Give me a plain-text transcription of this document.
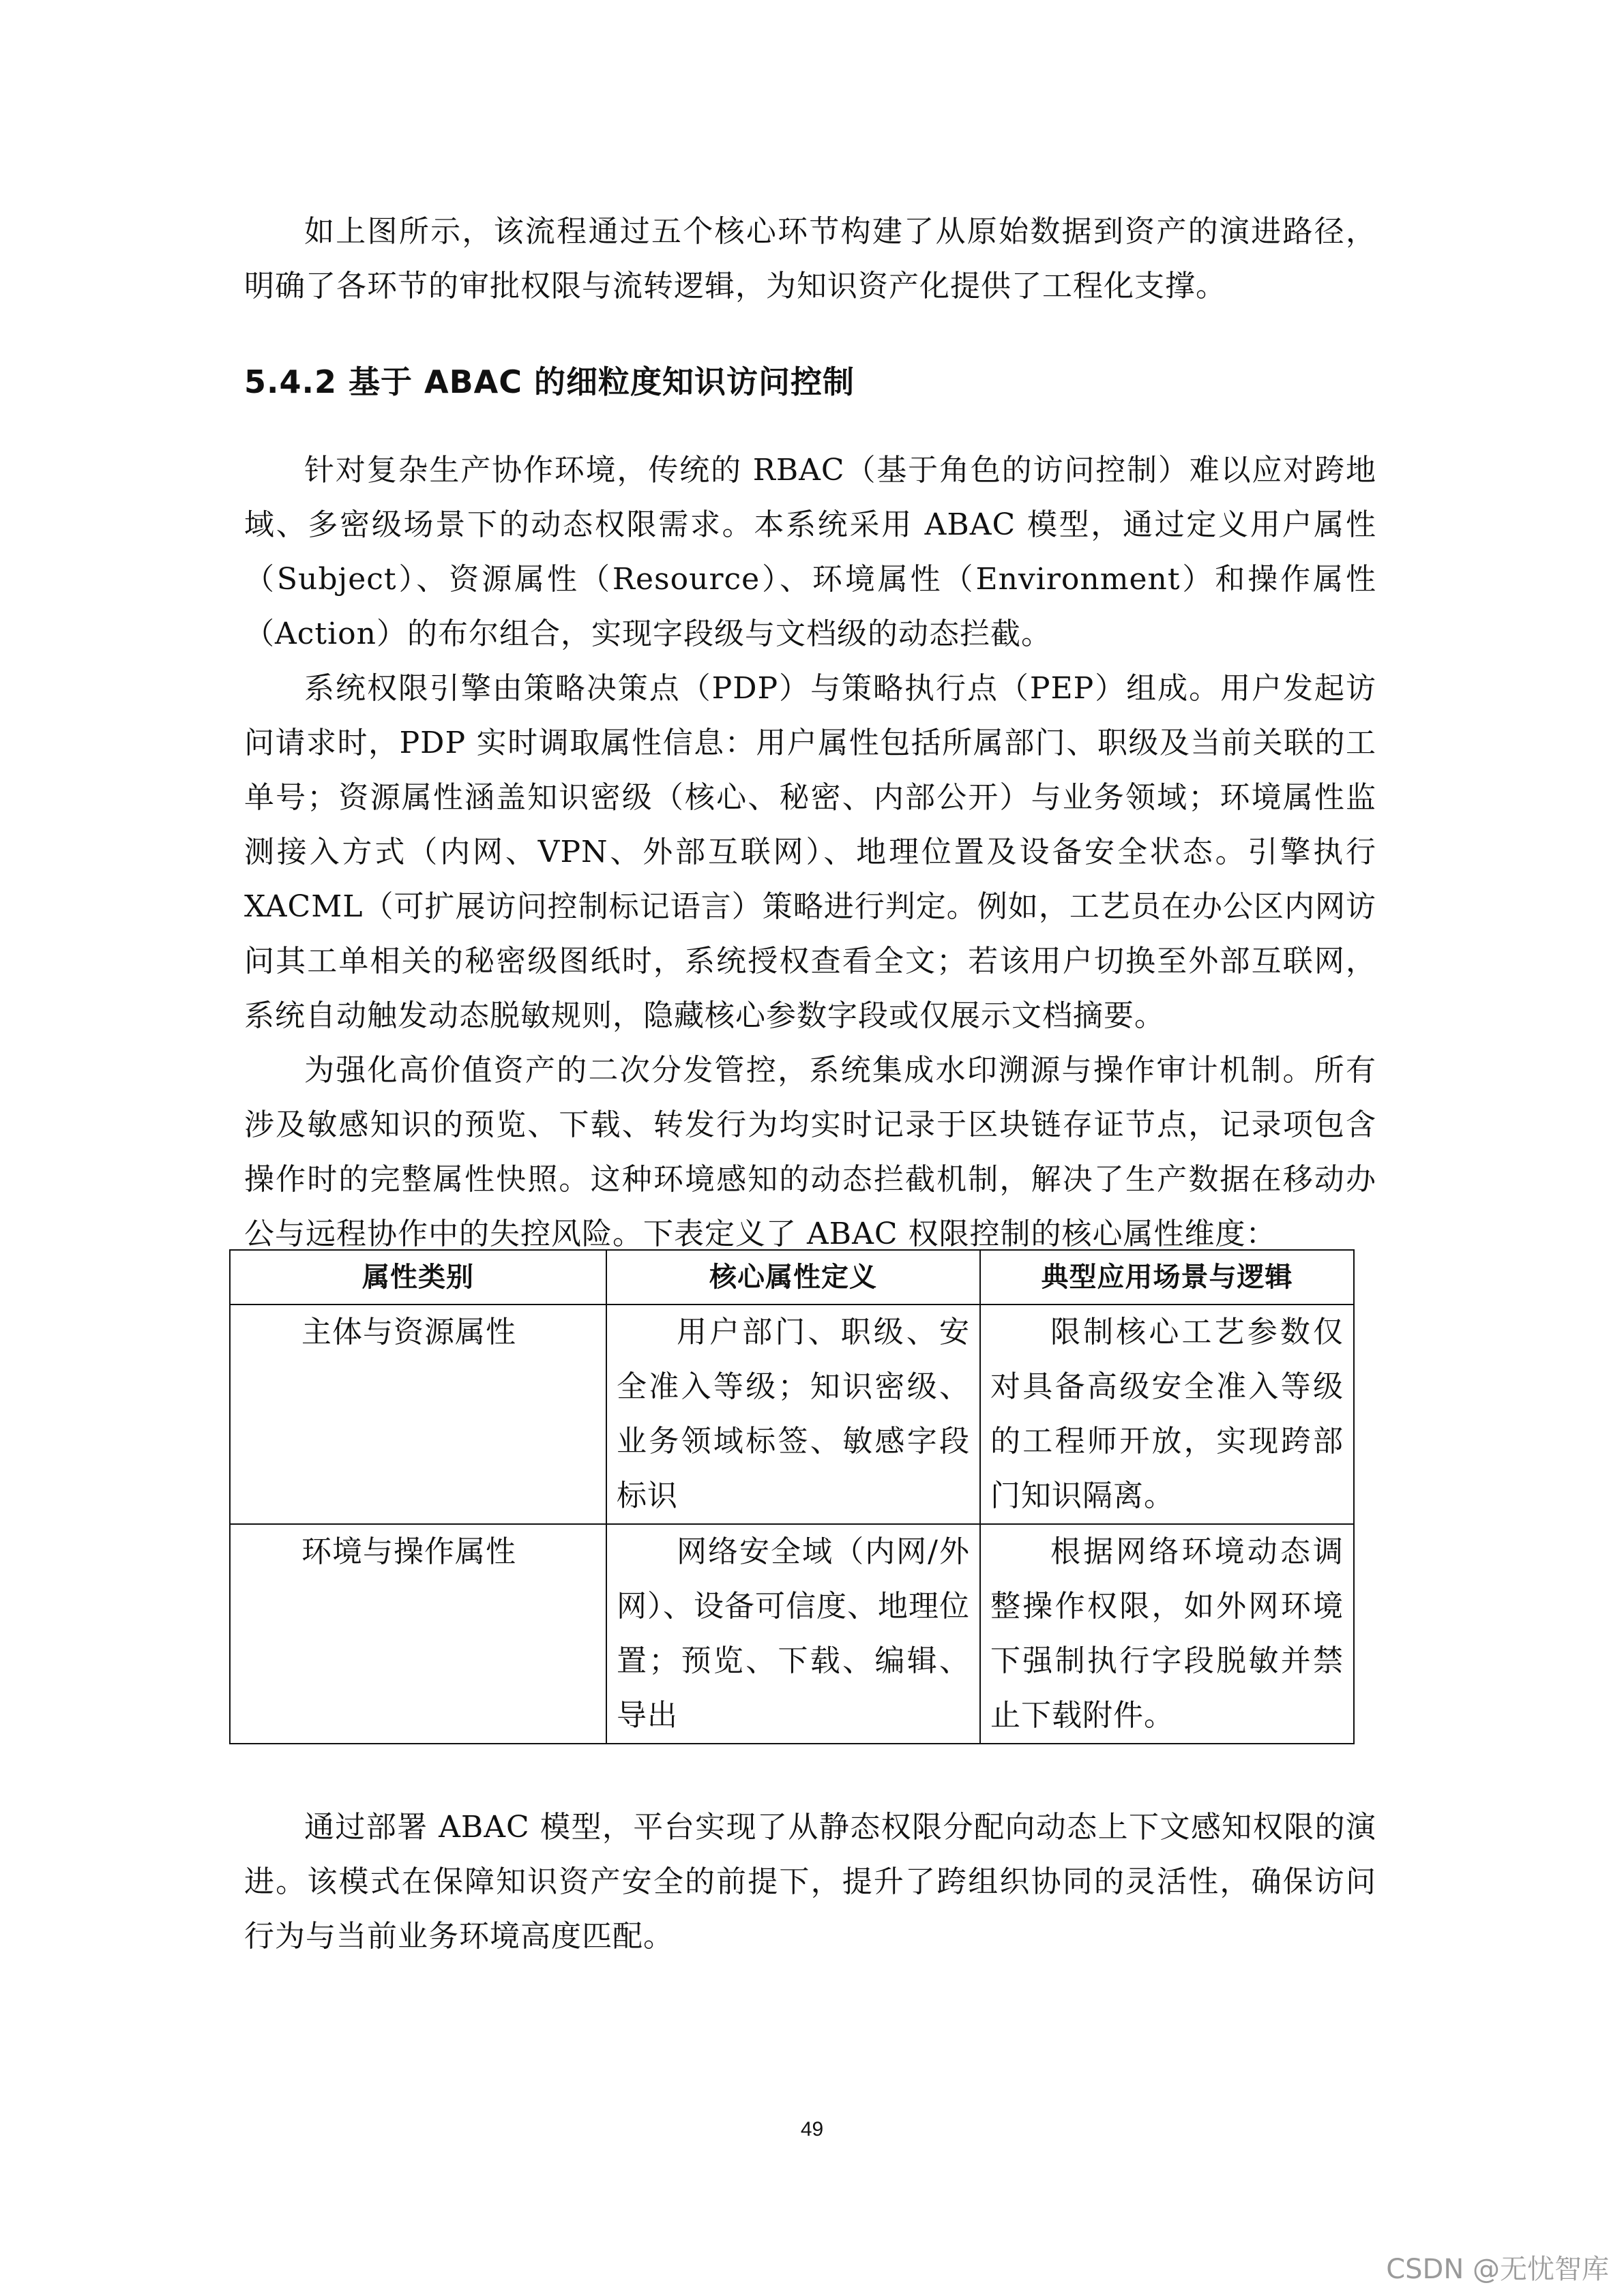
如上图所示，该流程通过五个核心环节构建了从原始数据到资产的演进路径，明确了各环节的审批权限与流转逻辑，为知识资产化提供了工程化支撑。

5.4.2 基于 ABAC 的细粒度知识访问控制

针对复杂生产协作环境，传统的 RBAC（基于角色的访问控制）难以应对跨地域、多密级场景下的动态权限需求。本系统采用 ABAC 模型，通过定义用户属性（Subject）、资源属性（Resource）、环境属性（Environment）和操作属性（Action）的布尔组合，实现字段级与文档级的动态拦截。

系统权限引擎由策略决策点（PDP）与策略执行点（PEP）组成。用户发起访问请求时，PDP 实时调取属性信息：用户属性包括所属部门、职级及当前关联的工单号；资源属性涵盖知识密级（核心、秘密、内部公开）与业务领域；环境属性监测接入方式（内网、VPN、外部互联网）、地理位置及设备安全状态。引擎执行 XACML（可扩展访问控制标记语言）策略进行判定。例如，工艺员在办公区内网访问其工单相关的秘密级图纸时，系统授权查看全文；若该用户切换至外部互联网，系统自动触发动态脱敏规则，隐藏核心参数字段或仅展示文档摘要。

为强化高价值资产的二次分发管控，系统集成水印溯源与操作审计机制。所有涉及敏感知识的预览、下载、转发行为均实时记录于区块链存证节点，记录项包含操作时的完整属性快照。这种环境感知的动态拦截机制，解决了生产数据在移动办公与远程协作中的失控风险。下表定义了 ABAC 权限控制的核心属性维度：

属性类别	核心属性定义	典型应用场景与逻辑
主体与资源属性	用户部门、职级、安全准入等级；知识密级、业务领域标签、敏感字段标识	限制核心工艺参数仅对具备高级安全准入等级的工程师开放，实现跨部门知识隔离。
环境与操作属性	网络安全域（内网/外网）、设备可信度、地理位置；预览、下载、编辑、导出	根据网络环境动态调整操作权限，如外网环境下强制执行字段脱敏并禁止下载附件。

通过部署 ABAC 模型，平台实现了从静态权限分配向动态上下文感知权限的演进。该模式在保障知识资产安全的前提下，提升了跨组织协同的灵活性，确保访问行为与当前业务环境高度匹配。

49
CSDN @无忧智库
